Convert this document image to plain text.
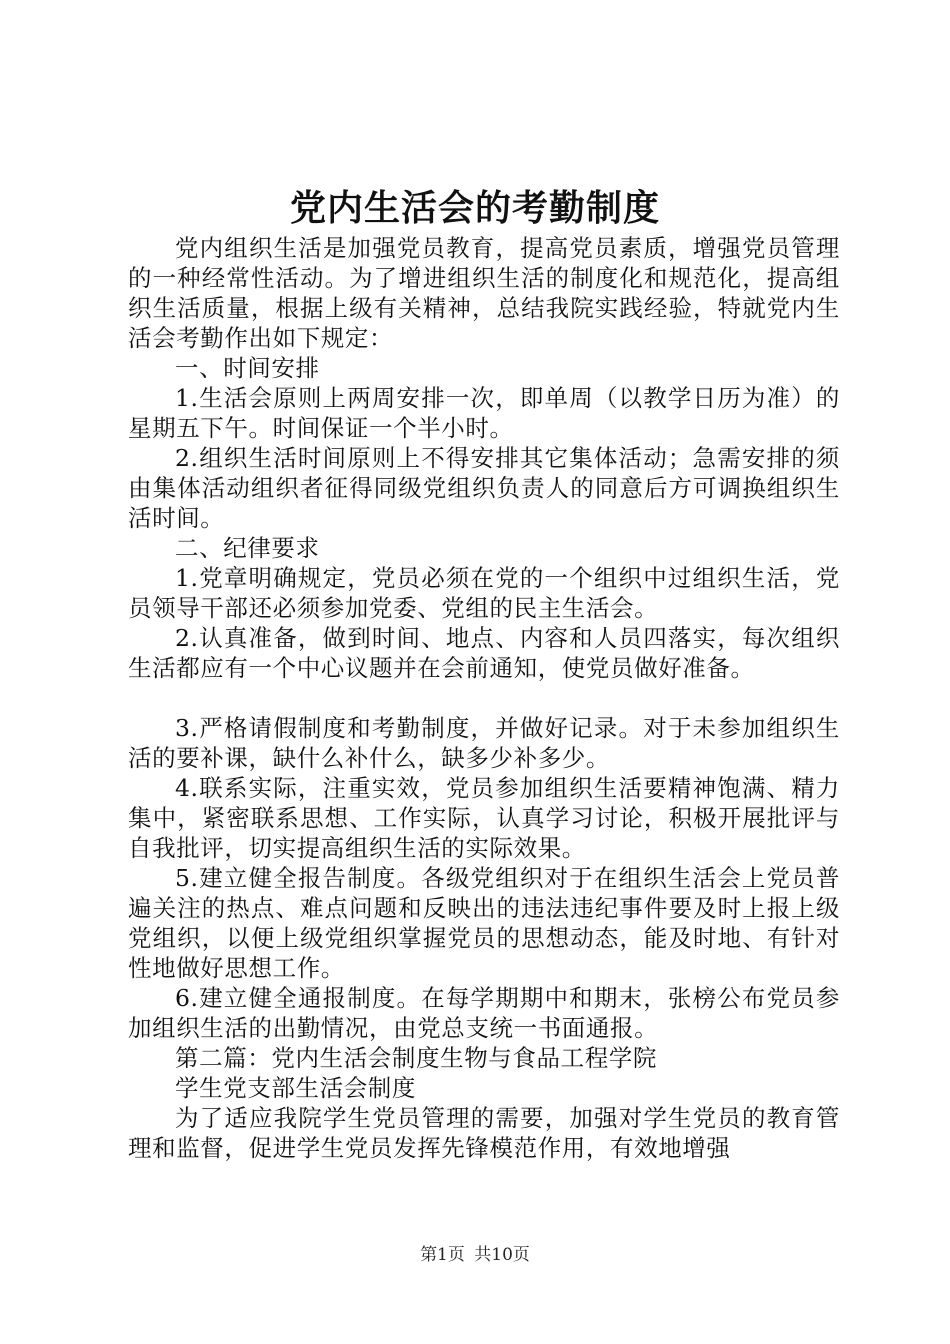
党内生活会的考勤制度

党内组织生活是加强党员教育，提高党员素质，增强党员管理的一种经常性活动。为了增进组织生活的制度化和规范化，提高组织生活质量，根据上级有关精神，总结我院实践经验，特就党内生活会考勤作出如下规定：

一、时间安排

1.生活会原则上两周安排一次，即单周（以教学日历为准）的星期五下午。时间保证一个半小时。

2.组织生活时间原则上不得安排其它集体活动；急需安排的须由集体活动组织者征得同级党组织负责人的同意后方可调换组织生活时间。

二、纪律要求

1.党章明确规定，党员必须在党的一个组织中过组织生活，党员领导干部还必须参加党委、党组的民主生活会。

2.认真准备，做到时间、地点、内容和人员四落实，每次组织生活都应有一个中心议题并在会前通知，使党员做好准备。

3.严格请假制度和考勤制度，并做好记录。对于未参加组织生活的要补课，缺什么补什么，缺多少补多少。

4.联系实际，注重实效，党员参加组织生活要精神饱满、精力集中，紧密联系思想、工作实际，认真学习讨论，积极开展批评与自我批评，切实提高组织生活的实际效果。

5.建立健全报告制度。各级党组织对于在组织生活会上党员普遍关注的热点、难点问题和反映出的违法违纪事件要及时上报上级党组织，以便上级党组织掌握党员的思想动态，能及时地、有针对性地做好思想工作。

6.建立健全通报制度。在每学期期中和期末，张榜公布党员参加组织生活的出勤情况，由党总支统一书面通报。

第二篇：党内生活会制度生物与食品工程学院

学生党支部生活会制度

为了适应我院学生党员管理的需要，加强对学生党员的教育管理和监督，促进学生党员发挥先锋模范作用，有效地增强

第1页 共10页
